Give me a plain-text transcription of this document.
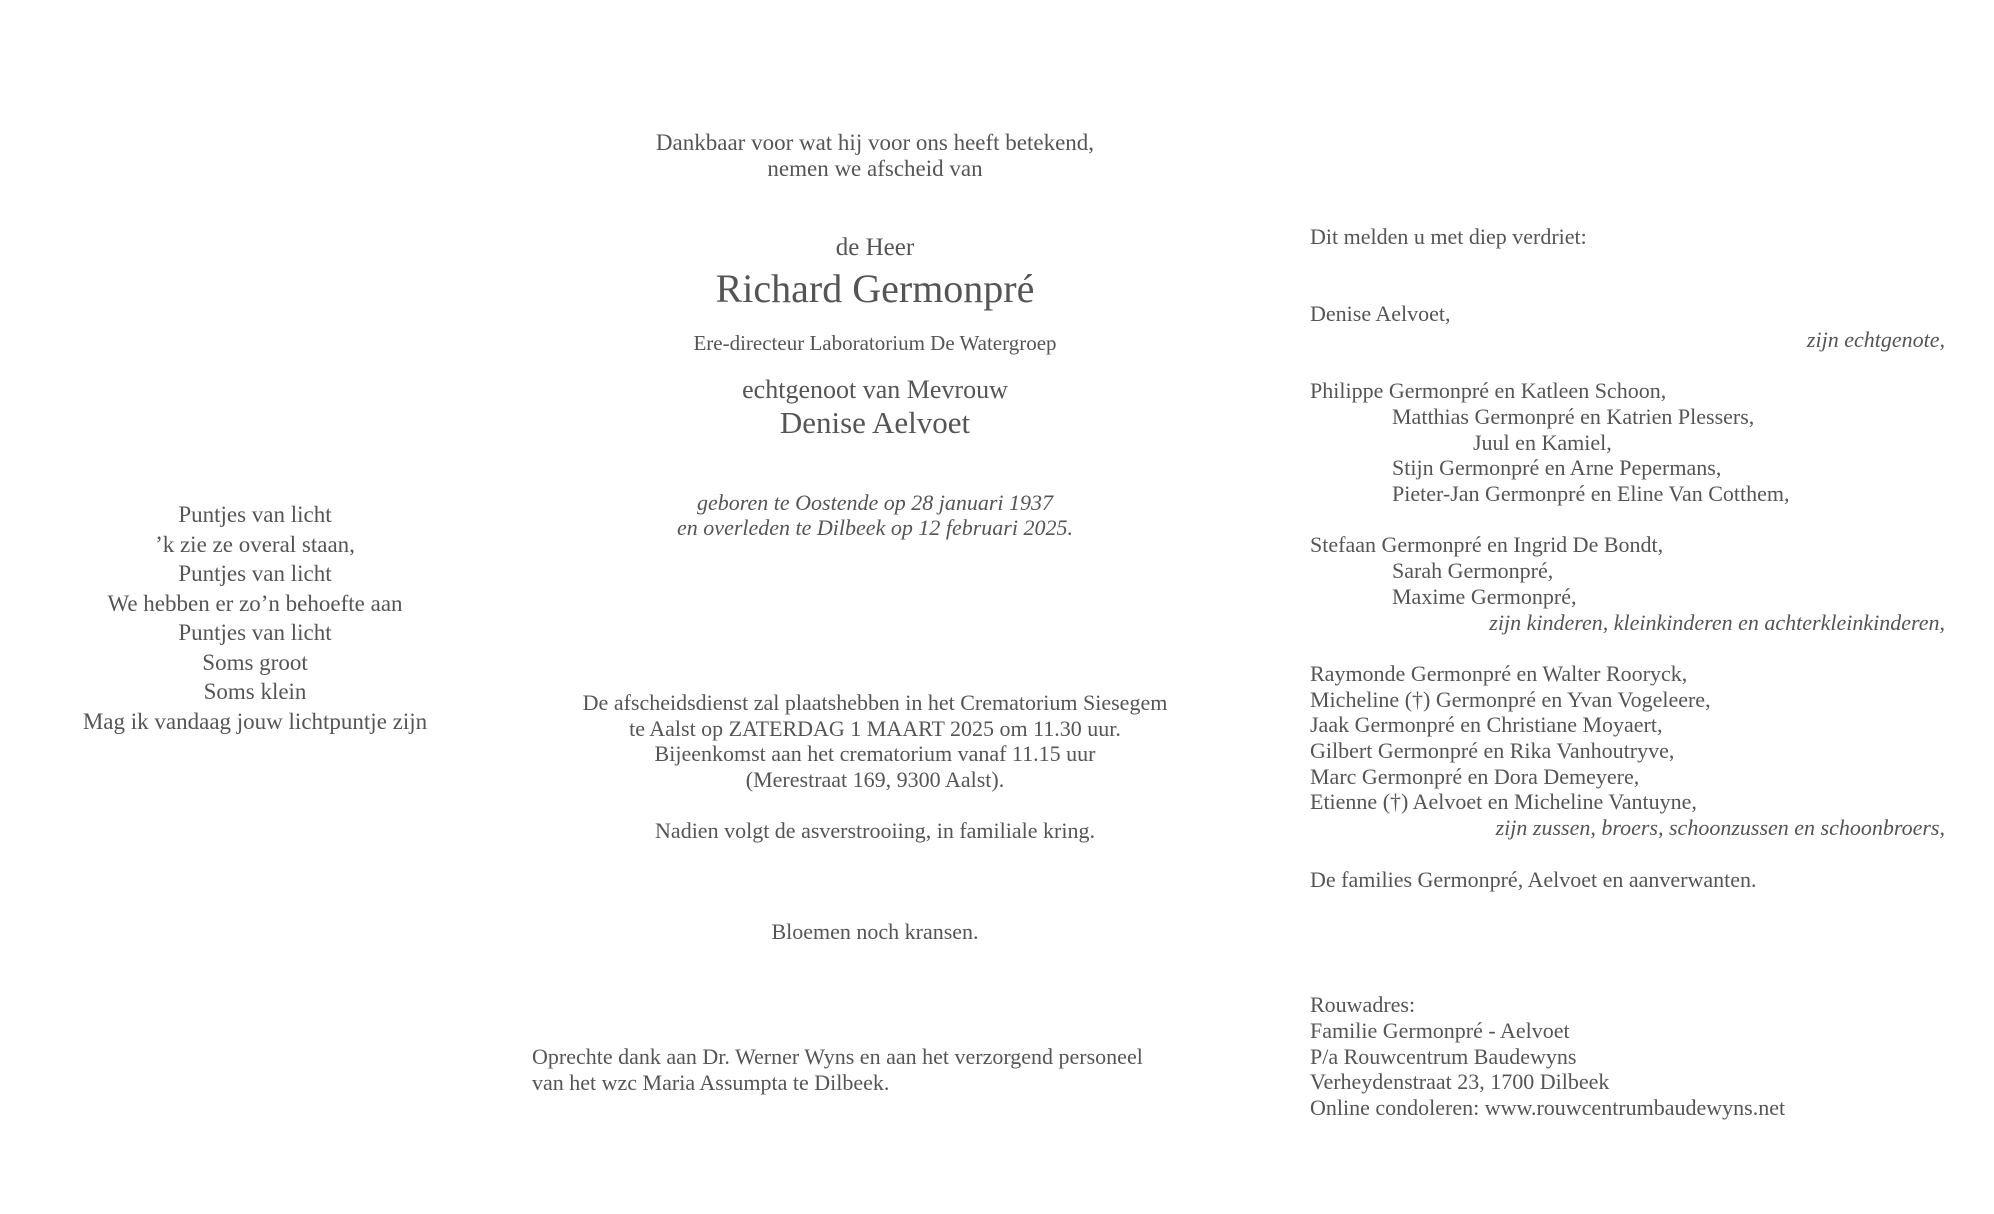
Puntjes van licht
’k zie ze overal staan,
Puntjes van licht
We hebben er zo’n behoefte aan
Puntjes van licht
Soms groot
Soms klein
Mag ik vandaag jouw lichtpuntje zijn
Dankbaar voor wat hij voor ons heeft betekend,
nemen we afscheid van
de Heer
Richard Germonpré
Ere-directeur Laboratorium De Watergroep
echtgenoot van Mevrouw
Denise Aelvoet
geboren te Oostende op 28 januari 1937
en overleden te Dilbeek op 12 februari 2025.
De afscheidsdienst zal plaatshebben in het Crematorium Siesegem
te Aalst op ZATERDAG 1 MAART 2025 om 11.30 uur.
Bijeenkomst aan het crematorium vanaf 11.15 uur
(Merestraat 169, 9300 Aalst).
Nadien volgt de asverstrooiing, in familiale kring.
Bloemen noch kransen.
Oprechte dank aan Dr. Werner Wyns en aan het verzorgend personeel
van het wzc Maria Assumpta te Dilbeek.
Dit melden u met diep verdriet:
Denise Aelvoet,
zijn echtgenote,
Philippe Germonpré en Katleen Schoon,
Matthias Germonpré en Katrien Plessers,
Juul en Kamiel,
Stijn Germonpré en Arne Pepermans,
Pieter-Jan Germonpré en Eline Van Cotthem,
Stefaan Germonpré en Ingrid De Bondt,
Sarah Germonpré,
Maxime Germonpré,
zijn kinderen, kleinkinderen en achterkleinkinderen,
Raymonde Germonpré en Walter Rooryck,
Micheline (†) Germonpré en Yvan Vogeleere,
Jaak Germonpré en Christiane Moyaert,
Gilbert Germonpré en Rika Vanhoutryve,
Marc Germonpré en Dora Demeyere,
Etienne (†) Aelvoet en Micheline Vantuyne,
zijn zussen, broers, schoonzussen en schoonbroers,
De families Germonpré, Aelvoet en aanverwanten.
Rouwadres:
Familie Germonpré - Aelvoet
P/a Rouwcentrum Baudewyns
Verheydenstraat 23, 1700 Dilbeek
Online condoleren: www.rouwcentrumbaudewyns.net
